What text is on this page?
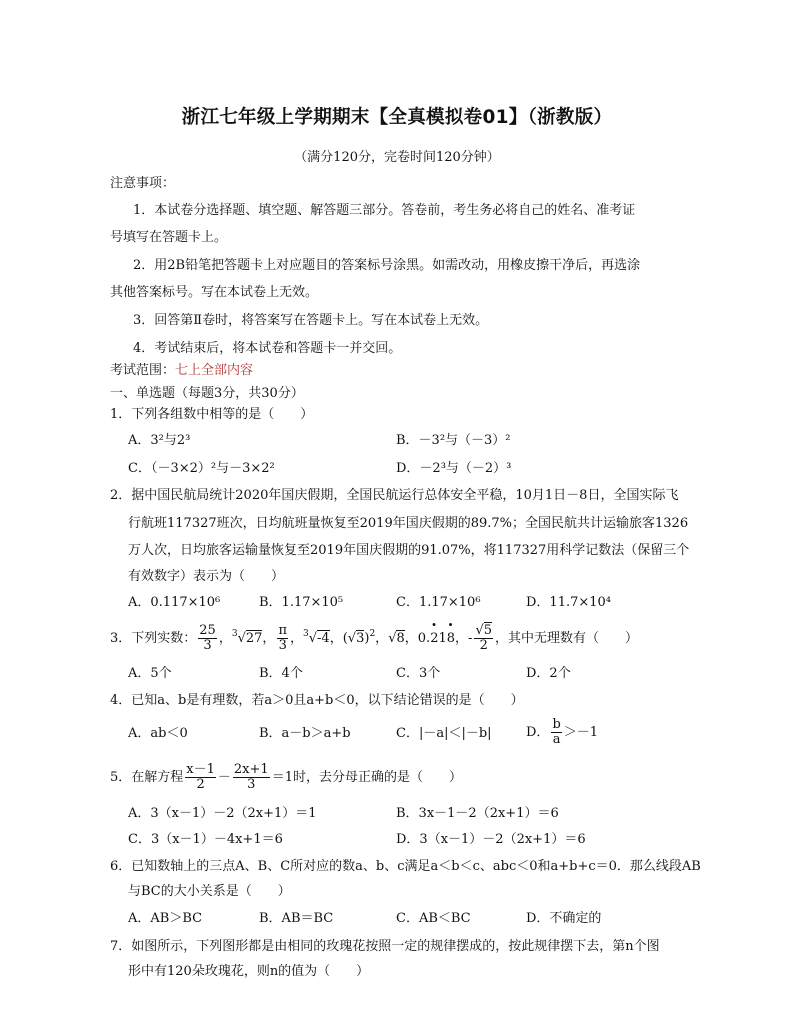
浙江七年级上学期期末【全真模拟卷01】（浙教版）
（满分120分，完卷时间120分钟）
注意事项：
1．本试卷分选择题、填空题、解答题三部分。答卷前，考生务必将自己的姓名、准考证
号填写在答题卡上。
2．用2B铅笔把答题卡上对应题目的答案标号涂黑。如需改动，用橡皮擦干净后，再选涂
其他答案标号。写在本试卷上无效。
3．回答第Ⅱ卷时，将答案写在答题卡上。写在本试卷上无效。
4．考试结束后，将本试卷和答题卡一并交回。
考试范围：七上全部内容
一、单选题（每题3分，共30分）
1．下列各组数中相等的是（　　）
A．3²与2³	B．－3²与（－3）²
C．（－3×2）²与－3×2²	D．－2³与（－2）³
2．据中国民航局统计2020年国庆假期，全国民航运行总体安全平稳，10月1日－8日，全国实际飞
行航班117327班次，日均航班量恢复至2019年国庆假期的89.7%；全国民航共计运输旅客1326
万人次，日均旅客运输量恢复至2019年国庆假期的91.07%，将117327用科学记数法（保留三个
有效数字）表示为（　　）
A．0.117×10⁶	B．1.17×10⁵	C．1.17×10⁶	D．11.7×10⁴
3．下列实数： $\frac{25}{3}$ ，$^3$√27， $\frac{\pi}{3}$ ，$^3$√-4，$(√3)^2$，√8，0.· 21· 8，- $\frac{√5}{2}$ ，其中无理数有（　　）
A．5个	B．4个	C．3个	D．2个
4．已知a、b是有理数，若a＞0且a+b＜0，以下结论错误的是（　　）
A．ab＜0	B．a－b＞a+b	C．|－a|＜|－b|	D． $\frac{b}{a} >-1$
5．在解方程 $\frac{x-1}{2} - \frac{2x+1}{3} =1$时，去分母正确的是（　　）
A．3（x－1）－2（2x+1）＝1	B．3x－1－2（2x+1）＝6
C．3（x－1）－4x+1＝6	D．3（x－1）－2（2x+1）＝6
6．已知数轴上的三点A、B、C所对应的数a、b、c满足a＜b＜c、abc＜0和a+b+c＝0．那么线段AB
与BC的大小关系是（　　）
A．AB＞BC	B．AB＝BC	C．AB＜BC	D．不确定的
7．如图所示，下列图形都是由相同的玫瑰花按照一定的规律摆成的，按此规律摆下去，第n个图
形中有120朵玫瑰花，则n的值为（　　）
